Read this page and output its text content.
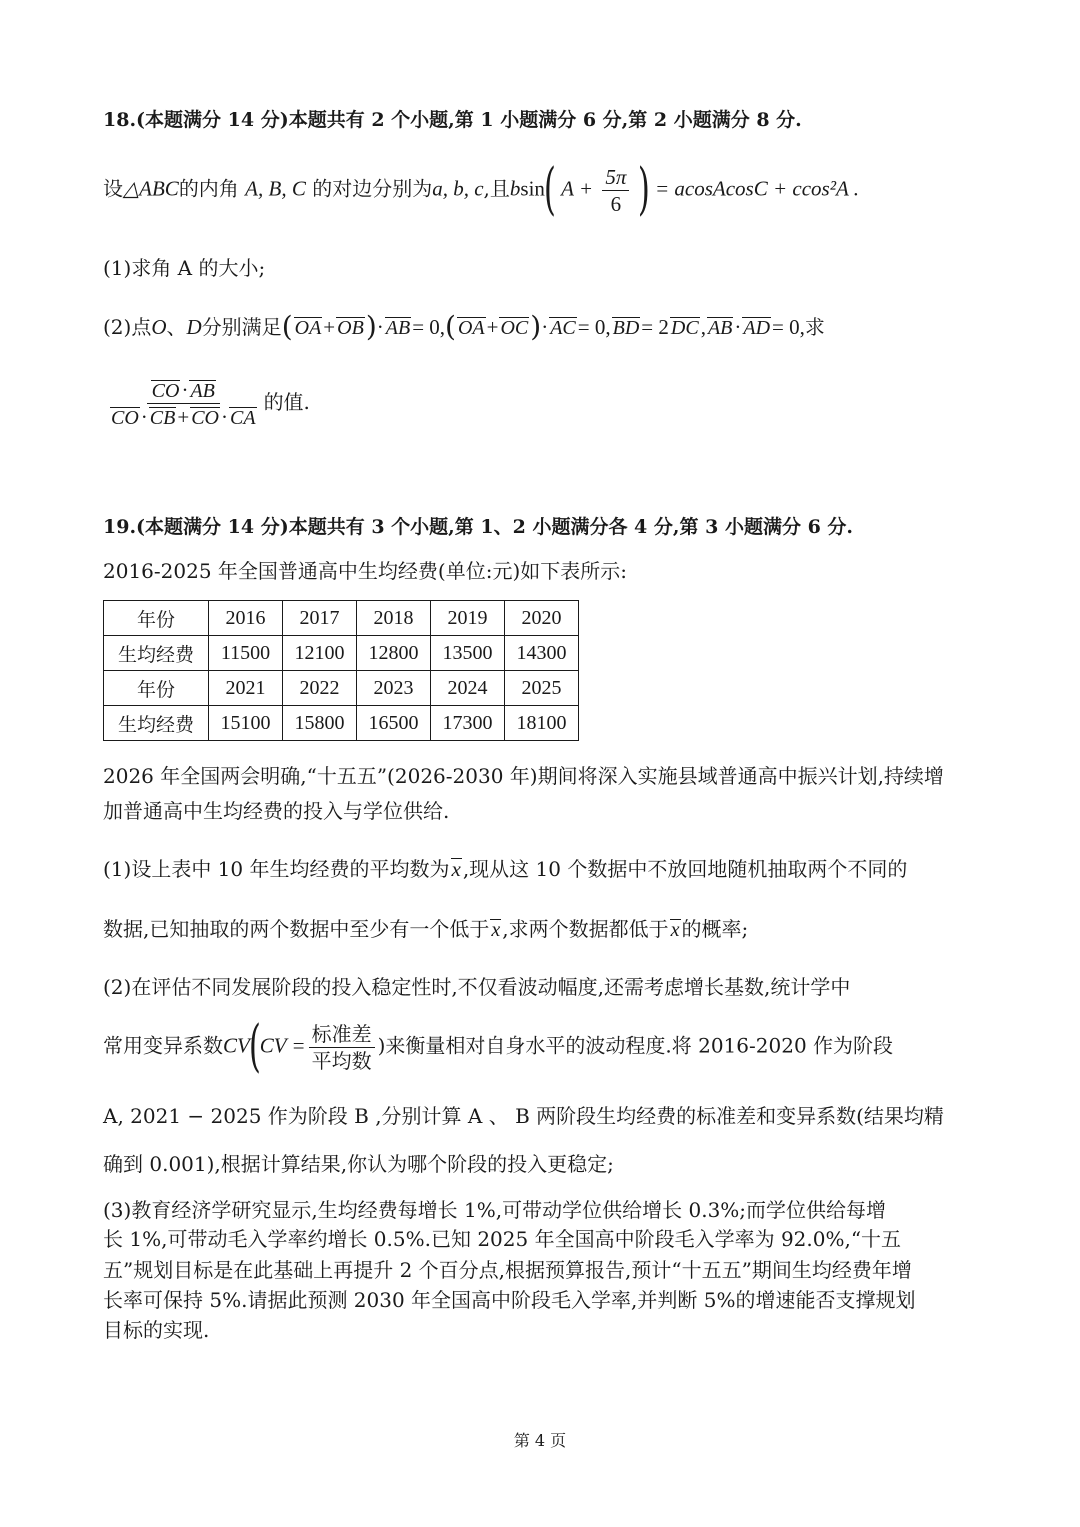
18.(本题满分 14 分)本题共有 2 个小题,第 1 小题满分 6 分,第 2 小题满分 8 分.
设△ABC的内角 A, B, C 的对边分别为a, b, c,且bsin( $A + \frac{5\pi}{6}$ ) = acosAcosC + ccos²A .
(1)求角 A 的大小;
(2)点O、D分别满足( OA+ OB)· AB= 0,( OA+ OC)· AC= 0, BD= 2 DC, AB· AD= 0,求
$\frac{CO\cdot AB}{CO\cdot CB+ CO\cdot CA}$ 的值.
19.(本题满分 14 分)本题共有 3 个小题,第 1、2 小题满分各 4 分,第 3 小题满分 6 分.
2016-2025 年全国普通高中生均经费(单位:元)如下表所示:
年份	2016	2017	2018	2019	2020
生均经费	11500	12100	12800	13500	14300
年份	2021	2022	2023	2024	2025
生均经费	15100	15800	16500	17300	18100
2026 年全国两会明确,“十五五”(2026-2030 年)期间将深入实施县域普通高中振兴计划,持续增
加普通高中生均经费的投入与学位供给.
(1)设上表中 10 年生均经费的平均数为x ,现从这 10 个数据中不放回地随机抽取两个不同的
数据,已知抽取的两个数据中至少有一个低于 x ,求两个数据都低于 x 的概率;
(2)在评估不同发展阶段的投入稳定性时,不仅看波动幅度,还需考虑增长基数,统计学中
常用变异系数$CV(CV = \frac{\text{标准差}}{\text{平均数}}$ )来衡量相对自身水平的波动程度.将 2016-2020 作为阶段
A, 2021 − 2025 作为阶段 B ,分别计算 A 、 B 两阶段生均经费的标准差和变异系数(结果均精
确到 0.001),根据计算结果,你认为哪个阶段的投入更稳定;
(3)教育经济学研究显示,生均经费每增长 1%,可带动学位供给增长 0.3%;而学位供给每增
长 1%,可带动毛入学率约增长 0.5%.已知 2025 年全国高中阶段毛入学率为 92.0%,“十五
五”规划目标是在此基础上再提升 2 个百分点,根据预算报告,预计“十五五”期间生均经费年增
长率可保持 5%.请据此预测 2030 年全国高中阶段毛入学率,并判断 5%的增速能否支撑规划
目标的实现.
第 4 页
